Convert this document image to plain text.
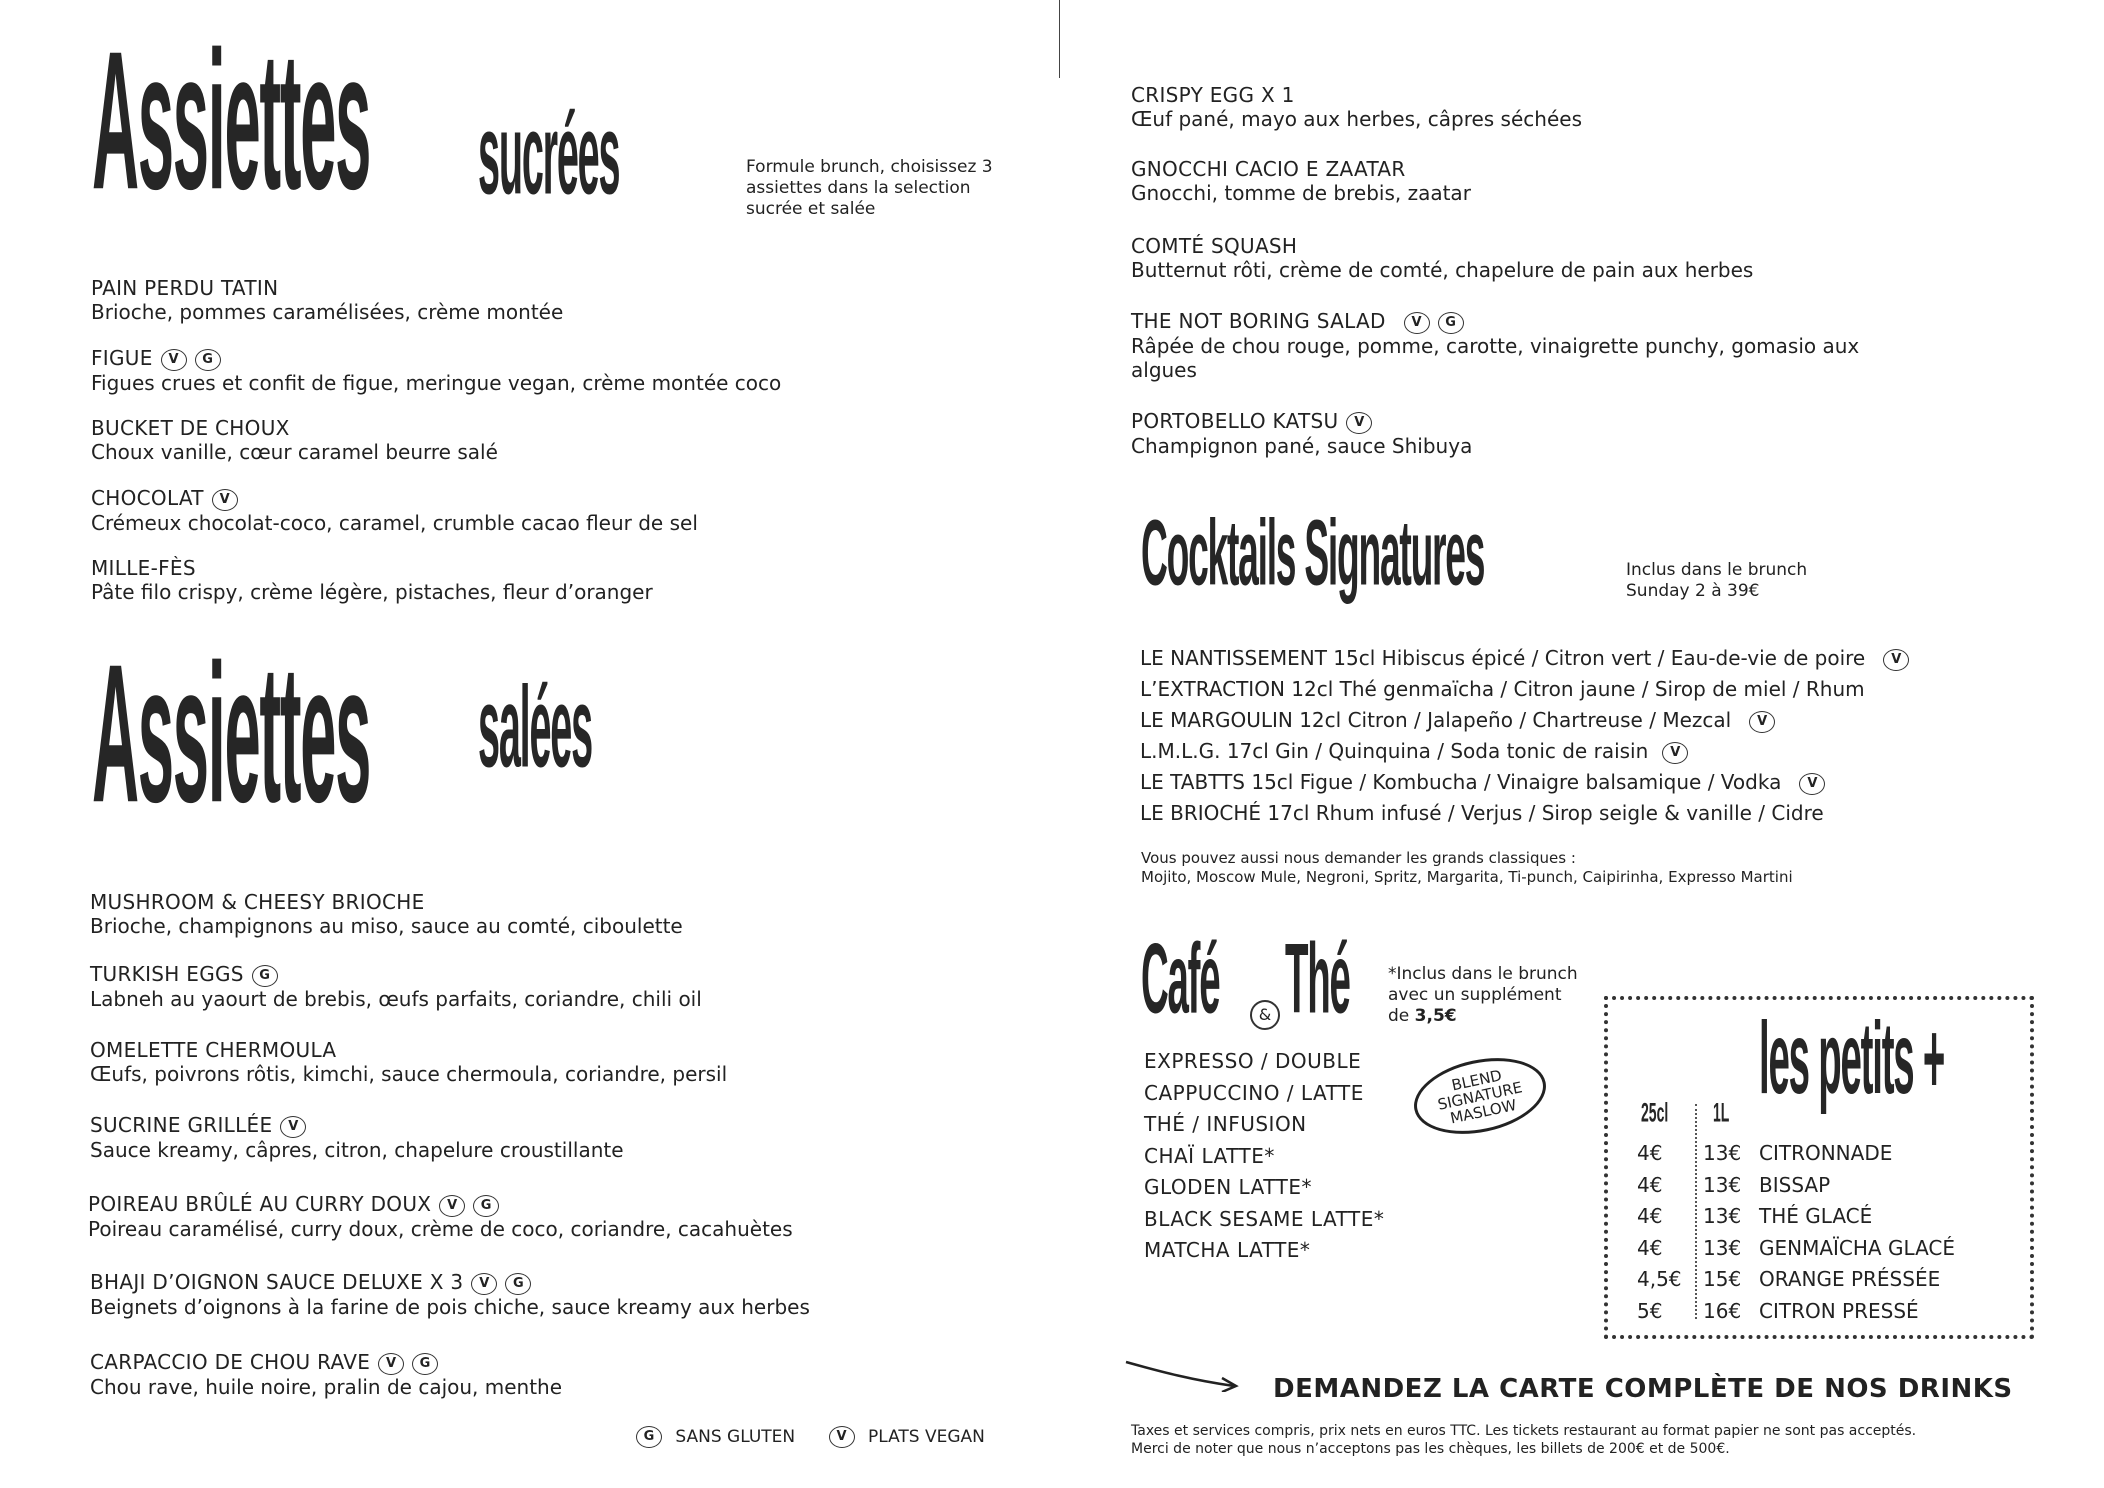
Assiettes sucrées	Formule brunch, choisissez 3 assiettes dans la selection sucrée et salée
PAIN PERDU TATIN
Brioche, pommes caramélisées, crème montée
FIGUE V G
Figues crues et confit de figue, meringue vegan, crème montée coco
BUCKET DE CHOUX
Choux vanille, cœur caramel beurre salé
CHOCOLAT V
Crémeux chocolat-coco, caramel, crumble cacao fleur de sel
MILLE-FÈS
Pâte filo crispy, crème légère, pistaches, fleur d’oranger
Assiettes salées
MUSHROOM & CHEESY BRIOCHE
Brioche, champignons au miso, sauce au comté, ciboulette
TURKISH EGGS G
Labneh au yaourt de brebis, œufs parfaits, coriandre, chili oil
OMELETTE CHERMOULA
Œufs, poivrons rôtis, kimchi, sauce chermoula, coriandre, persil
SUCRINE GRILLÉE V
Sauce kreamy, câpres, citron, chapelure croustillante
POIREAU BRÛLÉ AU CURRY DOUX V G
Poireau caramélisé, curry doux, crème de coco, coriandre, cacahuètes
BHAJI D’OIGNON SAUCE DELUXE X 3 V G
Beignets d’oignons à la farine de pois chiche, sauce kreamy aux herbes
CARPACCIO DE CHOU RAVE V G
Chou rave, huile noire, pralin de cajou, menthe
G SANS GLUTEN	V PLATS VEGAN
CRISPY EGG X 1
Œuf pané, mayo aux herbes, câpres séchées
GNOCCHI CACIO E ZAATAR
Gnocchi, tomme de brebis, zaatar
COMTÉ SQUASH
Butternut rôti, crème de comté, chapelure de pain aux herbes
THE NOT BORING SALAD V G
Râpée de chou rouge, pomme, carotte, vinaigrette punchy, gomasio aux algues
PORTOBELLO KATSU V
Champignon pané, sauce Shibuya
Cocktails Signatures	Inclus dans le brunch Sunday 2 à 39€
LE NANTISSEMENT 15cl Hibiscus épicé / Citron vert / Eau-de-vie de poire V
L’EXTRACTION 12cl Thé genmaïcha / Citron jaune / Sirop de miel / Rhum
LE MARGOULIN 12cl Citron / Jalapeño / Chartreuse / Mezcal V
L.M.L.G. 17cl Gin / Quinquina / Soda tonic de raisin V
LE TABTTS 15cl Figue / Kombucha / Vinaigre balsamique / Vodka V
LE BRIOCHÉ 17cl Rhum infusé / Verjus / Sirop seigle & vanille / Cidre
Vous pouvez aussi nous demander les grands classiques :
Mojito, Moscow Mule, Negroni, Spritz, Margarita, Ti-punch, Caipirinha, Expresso Martini
Café	& Thé *Inclus dans le brunch avec un supplément de 3,5€
EXPRESSO / DOUBLE
CAPPUCCINO / LATTE
THÉ / INFUSION
CHAÏ LATTE*
GLODEN LATTE*
BLACK SESAME LATTE*
MATCHA LATTE*
BLEND SIGNATURE MASLOW	les petits +
25cl 1L
4€	13€	CITRONNADE
4€	13€	BISSAP
4€	13€	THÉ GLACÉ
4€	13€	GENMAÏCHA GLACÉ
4,5€	15€	ORANGE PRÉSSÉE
5€	16€	CITRON PRESSÉ
DEMANDEZ LA CARTE COMPLÈTE DE NOS DRINKS
Taxes et services compris, prix nets en euros TTC. Les tickets restaurant au format papier ne sont pas acceptés.
Merci de noter que nous n’acceptons pas les chèques, les billets de 200€ et de 500€.
